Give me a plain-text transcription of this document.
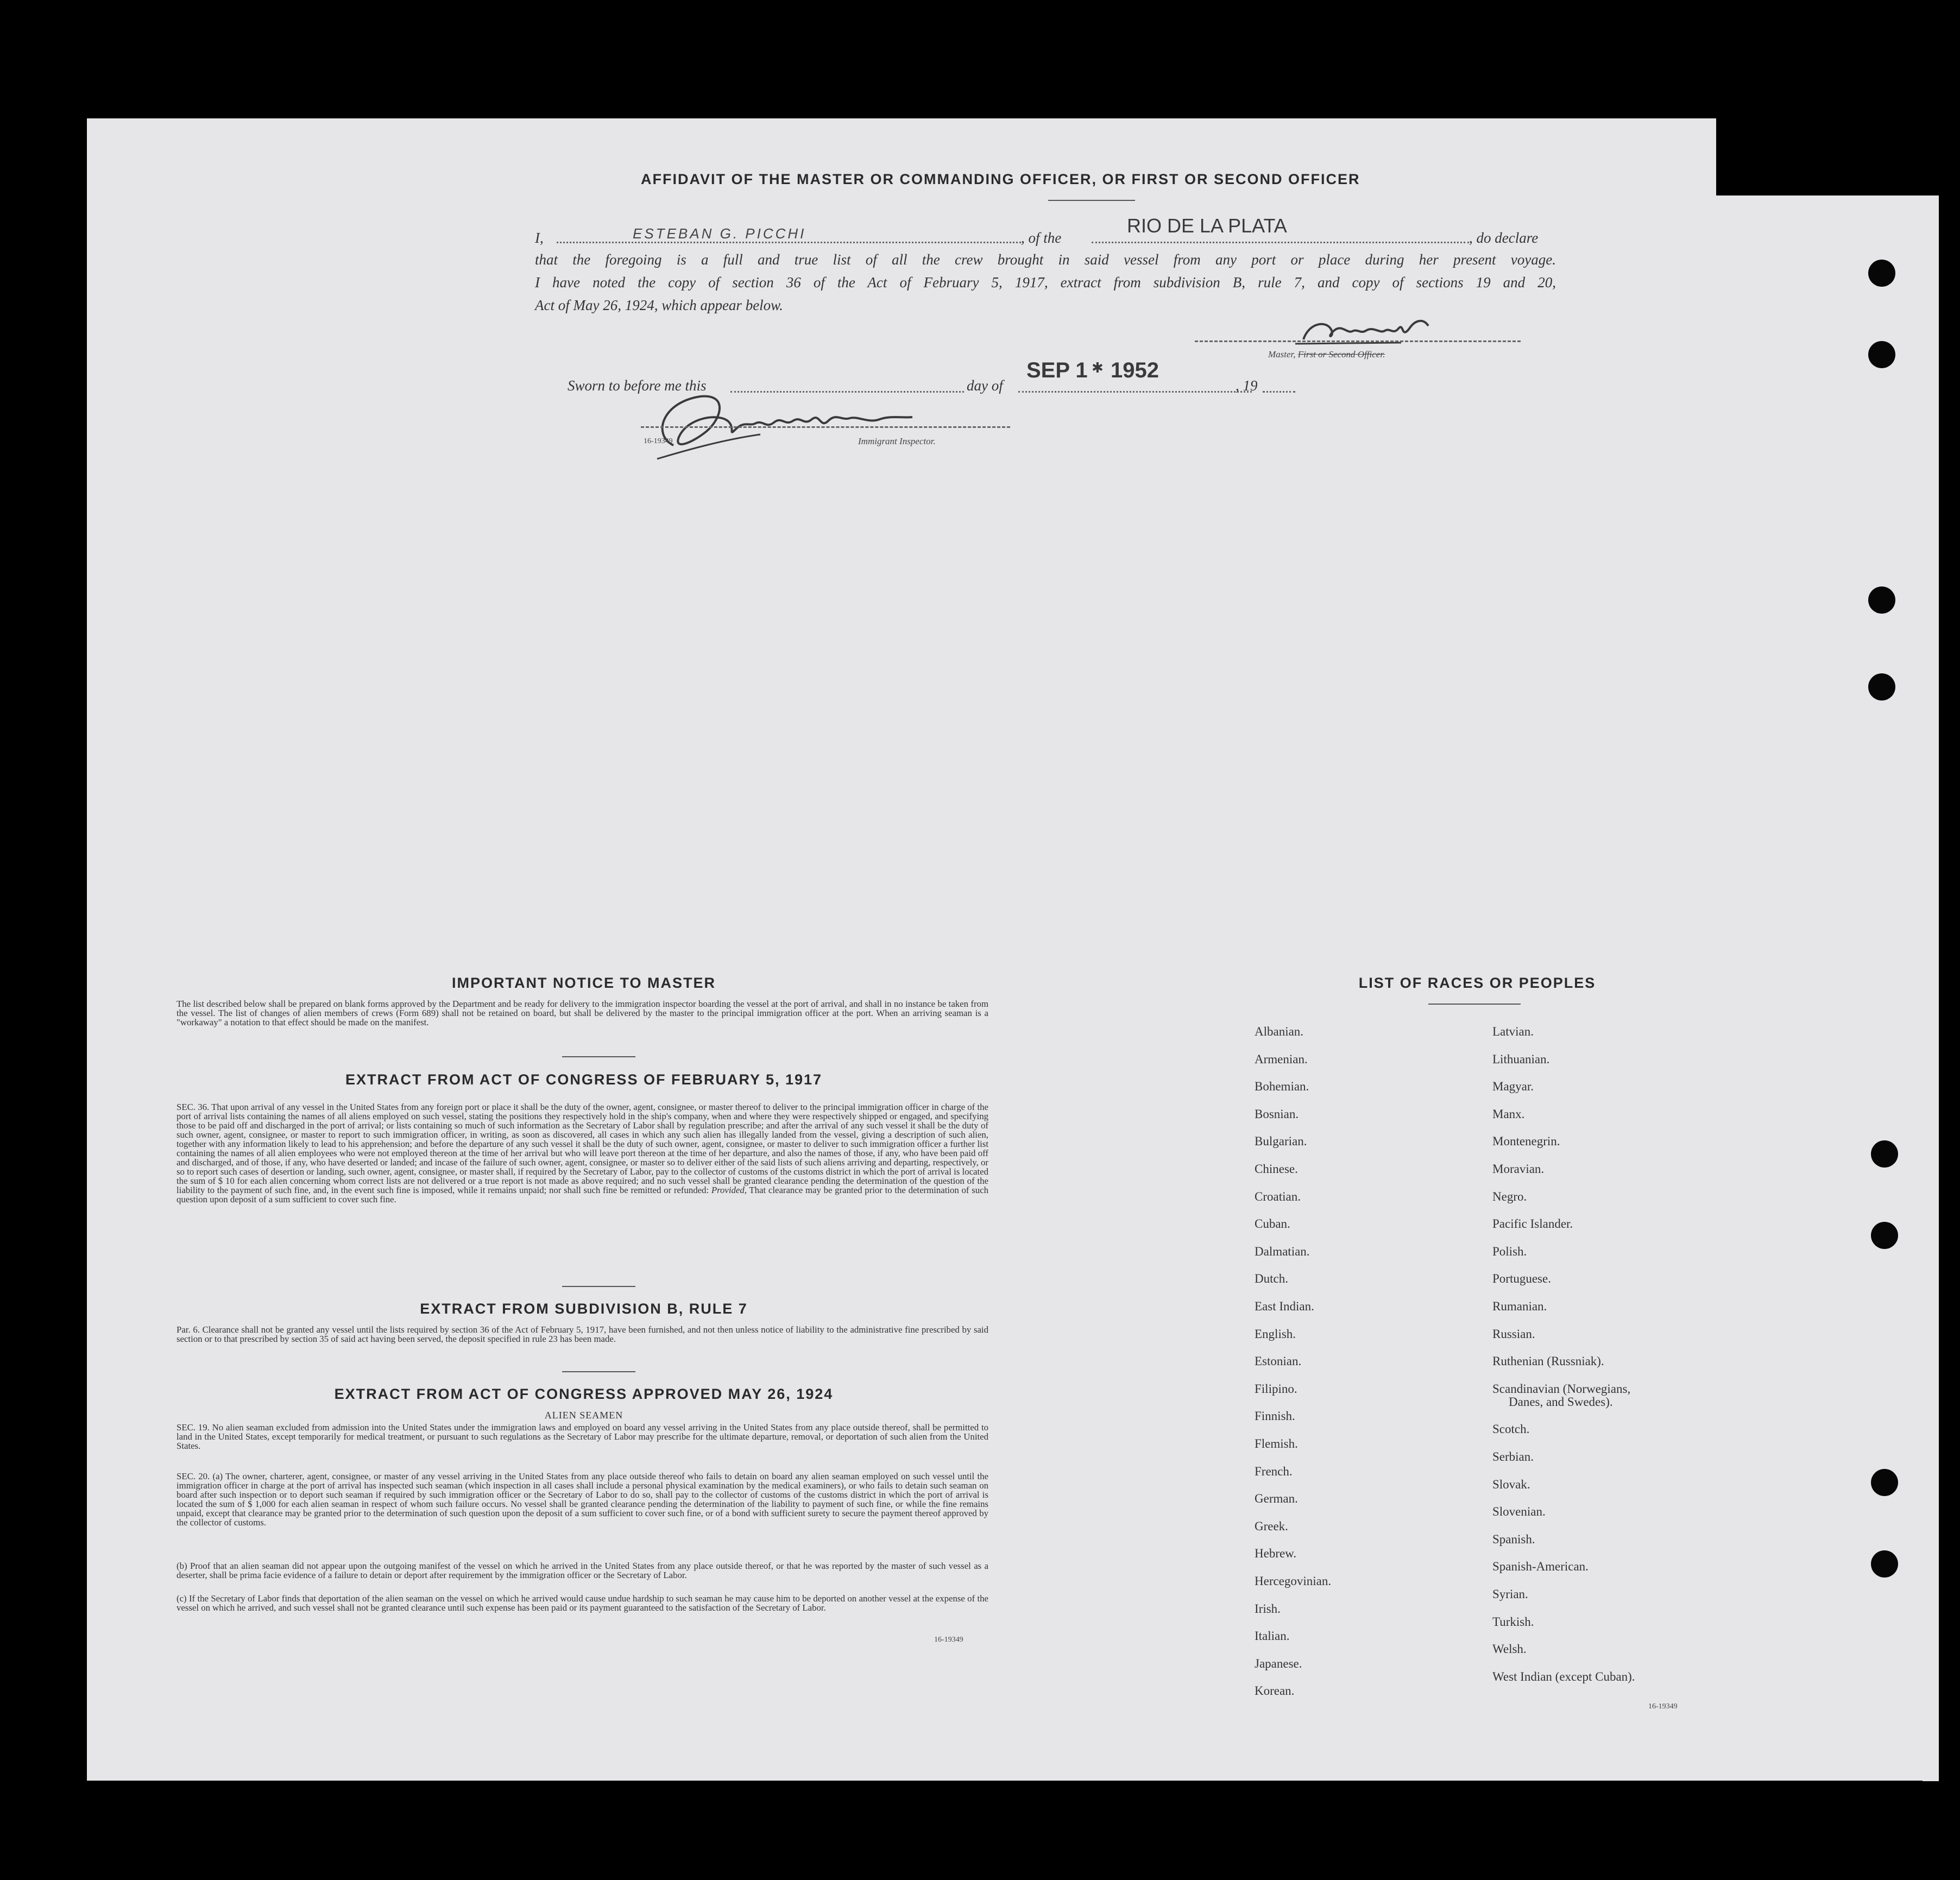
AFFIDAVIT OF THE MASTER OR COMMANDING OFFICER, OR FIRST OR SECOND OFFICER
I,	ESTEBAN G. PICCHI	, of the
RIO DE LA PLATA
, do declare
that the foregoing is a full and true list of all the crew brought in said vessel from any port or place during her present voyage.
I have noted the copy of section 36 of the Act of February 5, 1917, extract from subdivision B, rule 7, and copy of sections 19 and 20,
Act of May 26, 1924, which appear below.
Master, First or Second Officer.
Sworn to before me this	day of
SEP 1 ✱ 1952
, 19
16-19349	Immigrant Inspector.
IMPORTANT NOTICE TO MASTER
The list described below shall be prepared on blank forms approved by the Department and be ready for delivery to the immigration inspector boarding the vessel at the port of arrival, and shall in no instance be taken from the vessel. The list of changes of alien members of crews (Form 689) shall not be retained on board, but shall be delivered by the master to the principal immigration officer at the port. When an arriving seaman is a "workaway" a notation to that effect should be made on the manifest.
EXTRACT FROM ACT OF CONGRESS OF FEBRUARY 5, 1917
SEC. 36. That upon arrival of any vessel in the United States from any foreign port or place it shall be the duty of the owner, agent, consignee, or master thereof to deliver to the principal immigration officer in charge of the port of arrival lists containing the names of all aliens employed on such vessel, stating the positions they respectively hold in the ship's company, when and where they were respectively shipped or engaged, and specifying those to be paid off and discharged in the port of arrival; or lists containing so much of such information as the Secretary of Labor shall by regulation prescribe; and after the arrival of any such vessel it shall be the duty of such owner, agent, consignee, or master to report to such immigration officer, in writing, as soon as discovered, all cases in which any such alien has illegally landed from the vessel, giving a description of such alien, together with any information likely to lead to his apprehension; and before the departure of any such vessel it shall be the duty of such owner, agent, consignee, or master to deliver to such immigration officer a further list containing the names of all alien employees who were not employed thereon at the time of her arrival but who will leave port thereon at the time of her departure, and also the names of those, if any, who have been paid off and discharged, and of those, if any, who have deserted or landed; and incase of the failure of such owner, agent, consignee, or master so to deliver either of the said lists of such aliens arriving and departing, respectively, or so to report such cases of desertion or landing, such owner, agent, consignee, or master shall, if required by the Secretary of Labor, pay to the collector of customs of the customs district in which the port of arrival is located the sum of $ 10 for each alien concerning whom correct lists are not delivered or a true report is not made as above required; and no such vessel shall be granted clearance pending the determination of the question of the liability to the payment of such fine, and, in the event such fine is imposed, while it remains unpaid; nor shall such fine be remitted or refunded: Provided, That clearance may be granted prior to the determination of such question upon deposit of a sum sufficient to cover such fine.
EXTRACT FROM SUBDIVISION B, RULE 7
Par. 6. Clearance shall not be granted any vessel until the lists required by section 36 of the Act of February 5, 1917, have been furnished, and not then unless notice of liability to the administrative fine prescribed by said section or to that prescribed by section 35 of said act having been served, the deposit specified in rule 23 has been made.
EXTRACT FROM ACT OF CONGRESS APPROVED MAY 26, 1924
ALIEN SEAMEN
SEC. 19. No alien seaman excluded from admission into the United States under the immigration laws and employed on board any vessel arriving in the United States from any place outside thereof, shall be permitted to land in the United States, except temporarily for medical treatment, or pursuant to such regulations as the Secretary of Labor may prescribe for the ultimate departure, removal, or deportation of such alien from the United States.
SEC. 20. (a) The owner, charterer, agent, consignee, or master of any vessel arriving in the United States from any place outside thereof who fails to detain on board any alien seaman employed on such vessel until the immigration officer in charge at the port of arrival has inspected such seaman (which inspection in all cases shall include a personal physical examination by the medical examiners), or who fails to detain such seaman on board after such inspection or to deport such seaman if required by such immigration officer or the Secretary of Labor to do so, shall pay to the collector of customs of the customs district in which the port of arrival is located the sum of $ 1,000 for each alien seaman in respect of whom such failure occurs. No vessel shall be granted clearance pending the determination of the liability to payment of such fine, or while the fine remains unpaid, except that clearance may be granted prior to the determination of such question upon the deposit of a sum sufficient to cover such fine, or of a bond with sufficient surety to secure the payment thereof approved by the collector of customs.
(b) Proof that an alien seaman did not appear upon the outgoing manifest of the vessel on which he arrived in the United States from any place outside thereof, or that he was reported by the master of such vessel as a deserter, shall be prima facie evidence of a failure to detain or deport after requirement by the immigration officer or the Secretary of Labor.
(c) If the Secretary of Labor finds that deportation of the alien seaman on the vessel on which he arrived would cause undue hardship to such seaman he may cause him to be deported on another vessel at the expense of the vessel on which he arrived, and such vessel shall not be granted clearance until such expense has been paid or its payment guaranteed to the satisfaction of the Secretary of Labor.
16-19349
LIST OF RACES OR PEOPLES
Albanian.
Armenian.
Bohemian.
Bosnian.
Bulgarian.
Chinese.
Croatian.
Cuban.
Dalmatian.
Dutch.
East Indian.
English.
Estonian.
Filipino.
Finnish.
Flemish.
French.
German.
Greek.
Hebrew.
Hercegovinian.
Irish.
Italian.
Japanese.
Korean.
Latvian.
Lithuanian.
Magyar.
Manx.
Montenegrin.
Moravian.
Negro.
Pacific Islander.
Polish.
Portuguese.
Rumanian.
Russian.
Ruthenian (Russniak).
Scandinavian (Norwegians,
Danes, and Swedes).
Scotch.
Serbian.
Slovak.
Slovenian.
Spanish.
Spanish-American.
Syrian.
Turkish.
Welsh.
West Indian (except Cuban).
16-19349
